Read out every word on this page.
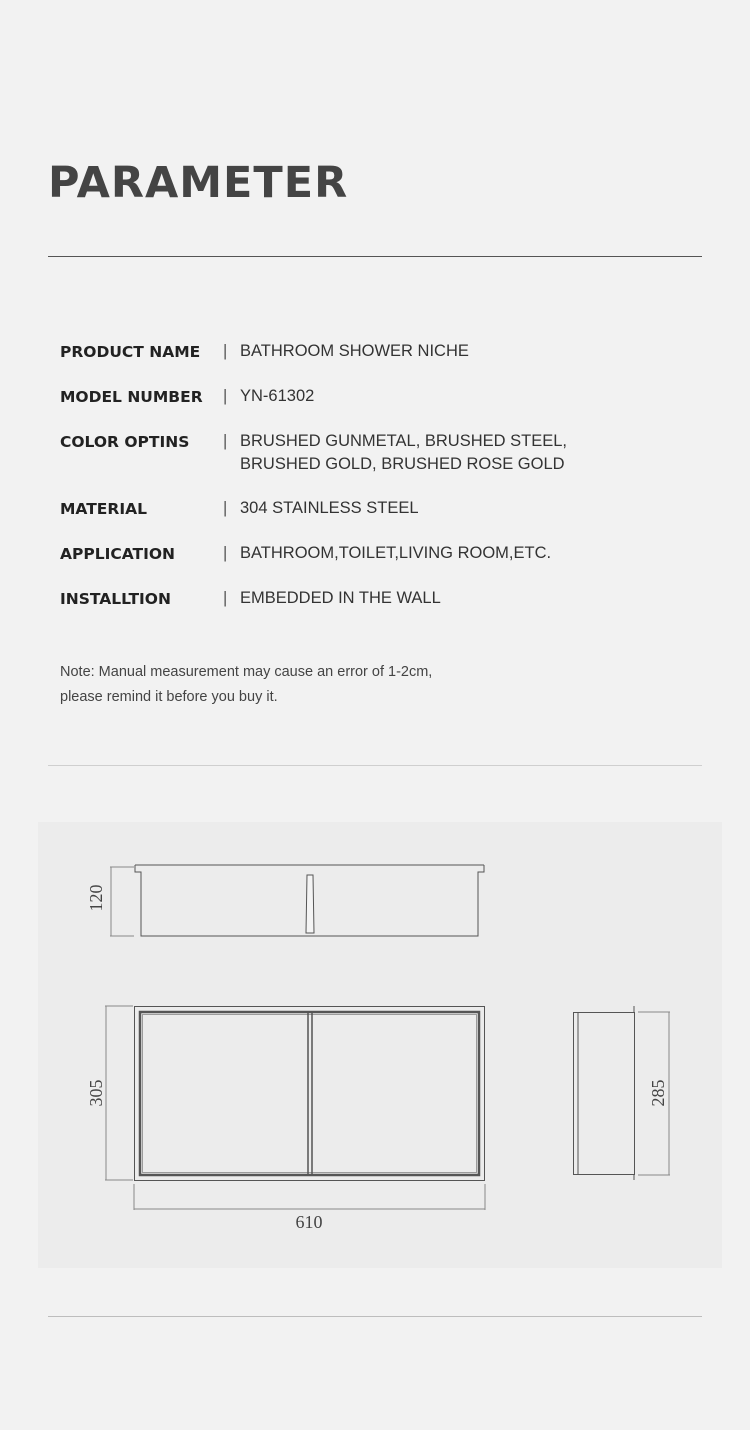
PARAMETER
PRODUCT NAME	| BATHROOM SHOWER NICHE
MODEL NUMBER	| YN-61302
COLOR OPTINS	| BRUSHED GUNMETAL, BRUSHED STEEL,
BRUSHED GOLD, BRUSHED ROSE GOLD
MATERIAL	| 304 STAINLESS STEEL
APPLICATION	| BATHROOM,TOILET,LIVING ROOM,ETC.
INSTALLTION	| EMBEDDED IN THE WALL
Note: Manual measurement may cause an error of 1-2cm,
please remind it before you buy it.
120
305
610
285
